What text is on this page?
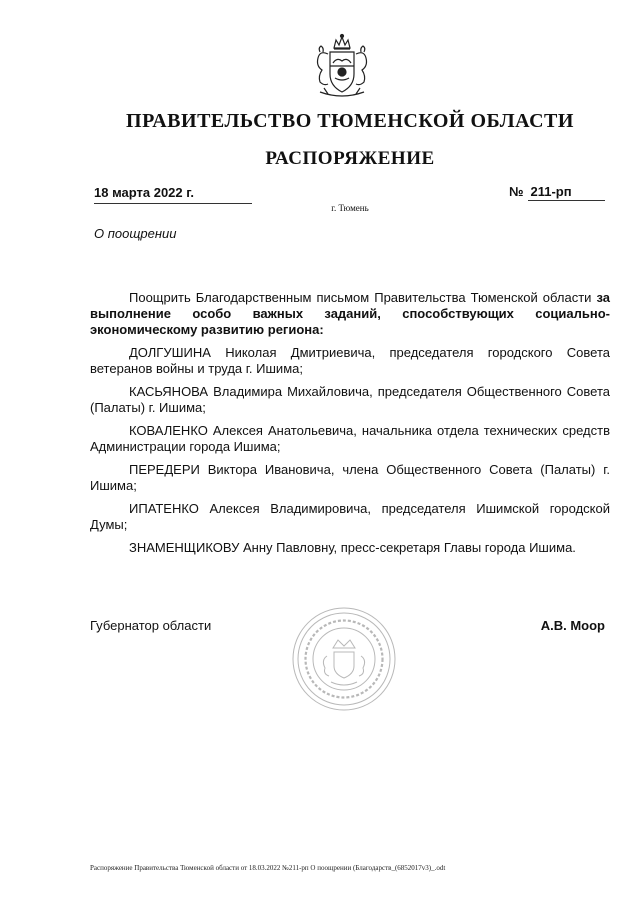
ПРАВИТЕЛЬСТВО ТЮМЕНСКОЙ ОБЛАСТИ
РАСПОРЯЖЕНИЕ
18 марта 2022 г.	№ 211-рп
г. Тюмень
О поощрении

Поощрить Благодарственным письмом Правительства Тюменской области за выполнение особо важных заданий, способствующих социально-экономическому развитию региона:

ДОЛГУШИНА Николая Дмитриевича, председателя городского Совета ветеранов войны и труда г. Ишима;

КАСЬЯНОВА Владимира Михайловича, председателя Общественного Совета (Палаты) г. Ишима;

КОВАЛЕНКО Алексея Анатольевича, начальника отдела технических средств Администрации города Ишима;

ПЕРЕДЕРИ Виктора Ивановича, члена Общественного Совета (Палаты) г. Ишима;

ИПАТЕНКО Алексея Владимировича, председателя Ишимской городской Думы;

ЗНАМЕНЩИКОВУ Анну Павловну, пресс-секретаря Главы города Ишима.

Губернатор области	А.В. Моор
Распоряжение Правительства Тюменской области от 18.03.2022 №211-рп О поощрении (Благодарств_(6852017v3)_.odt
